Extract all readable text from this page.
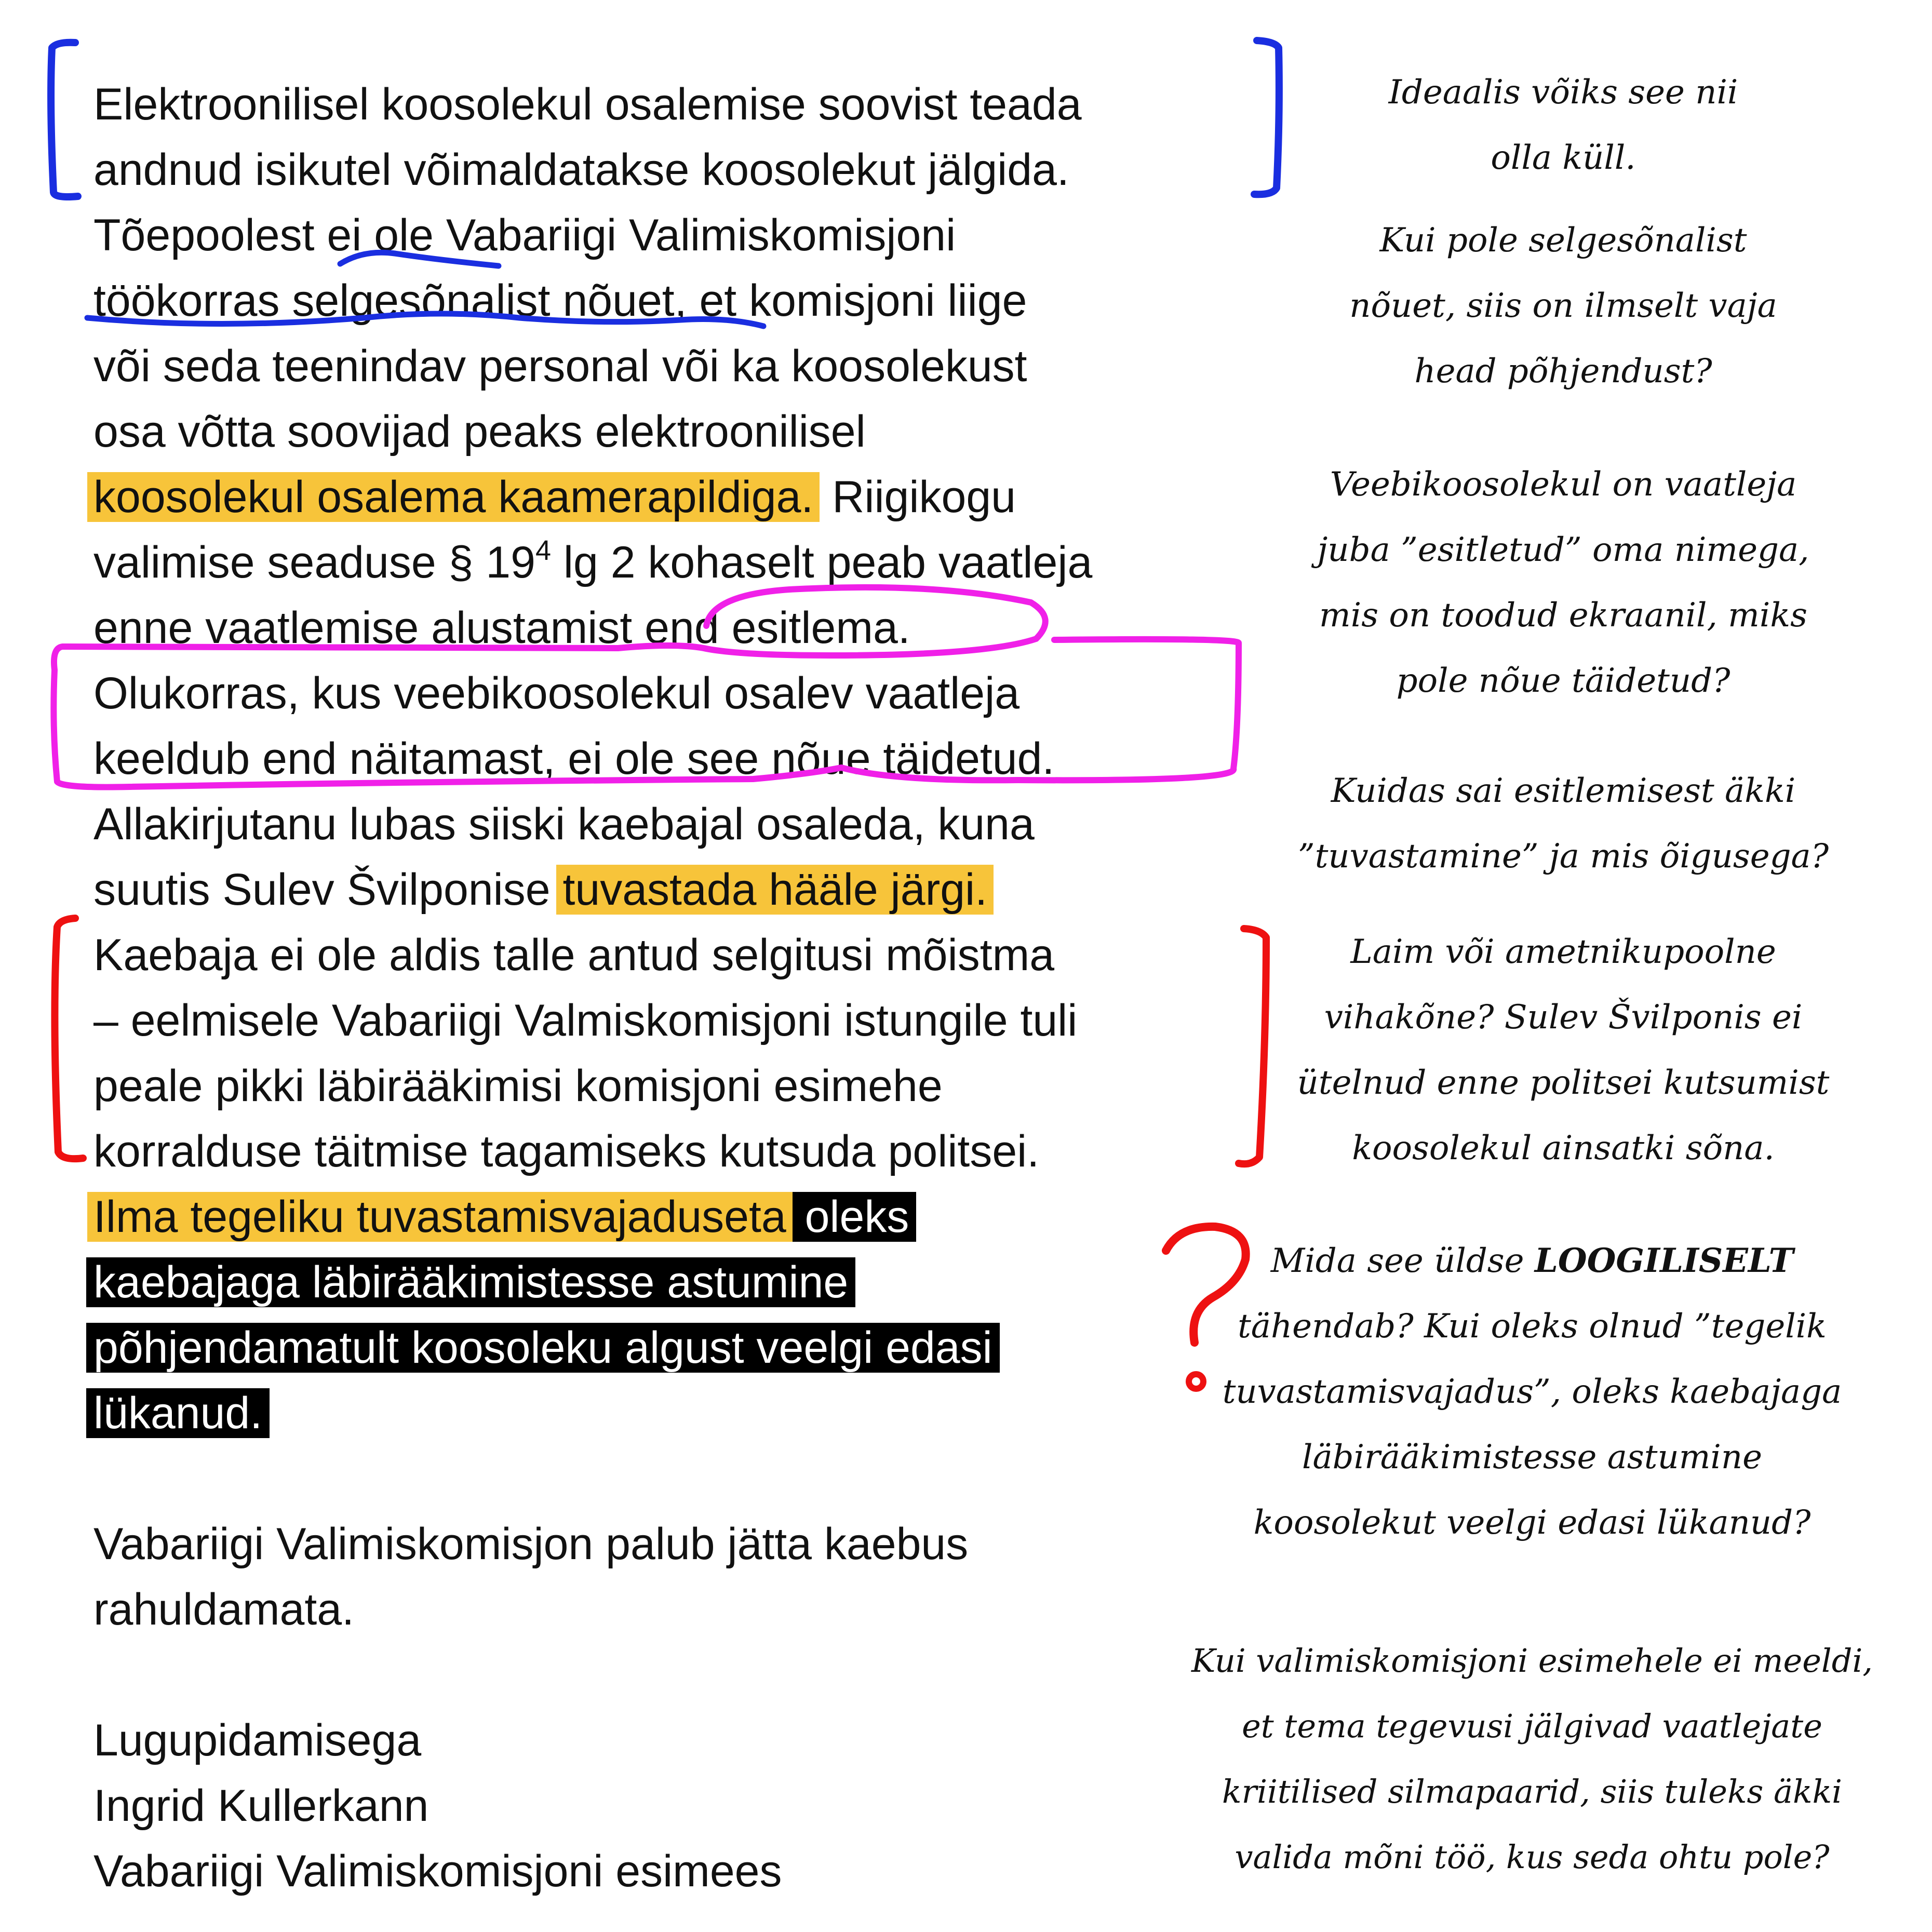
Elektroonilisel koosolekul osalemise soovist teada
andnud isikutel võimaldatakse koosolekut jälgida.
Tõepoolest ei ole Vabariigi Valimiskomisjoni
töökorras selgesõnalist nõuet, et komisjoni liige
või seda teenindav personal või ka koosolekust
osa võtta soovijad peaks elektroonilisel
koosolekul osalema kaamerapildiga. Riigikogu
valimise seaduse § $19^4$ lg 2 kohaselt peab vaatleja
enne vaatlemise alustamist end esitlema.
Olukorras, kus veebikoosolekul osalev vaatleja
keeldub end näitamast, ei ole see nõue täidetud.
Allakirjutanu lubas siiski kaebajal osaleda, kuna
suutis Sulev Švilponise tuvastada hääle järgi.
Kaebaja ei ole aldis talle antud selgitusi mõistma
– eelmisele Vabariigi Valmiskomisjoni istungile tuli
peale pikki läbirääkimisi komisjoni esimehe
korralduse täitmise tagamiseks kutsuda politsei.
Ilma tegeliku tuvastamisvajaduseta oleks
kaebajaga läbirääkimistesse astumine
põhjendamatult koosoleku algust veelgi edasi
lükanud.
Vabariigi Valimiskomisjon palub jätta kaebus
rahuldamata.
Lugupidamisega
Ingrid Kullerkann
Vabariigi Valimiskomisjoni esimees
Ideaalis võiks see nii
olla küll.
Kui pole selgesõnalist
nõuet, siis on ilmselt vaja
head põhjendust?
Veebikoosolekul on vaatleja
juba ”esitletud” oma nimega,
mis on toodud ekraanil, miks
pole nõue täidetud?
Kuidas sai esitlemisest äkki
”tuvastamine” ja mis õigusega?
Laim või ametnikupoolne
vihakõne? Sulev Švilponis ei
ütelnud enne politsei kutsumist
koosolekul ainsatki sõna.
Mida see üldse LOOGILISELT
tähendab? Kui oleks olnud ”tegelik
tuvastamisvajadus”, oleks kaebajaga
läbirääkimistesse astumine
koosolekut veelgi edasi lükanud?
Kui valimiskomisjoni esimehele ei meeldi,
et tema tegevusi jälgivad vaatlejate
kriitilised silmapaarid, siis tuleks äkki
valida mõni töö, kus seda ohtu pole?
